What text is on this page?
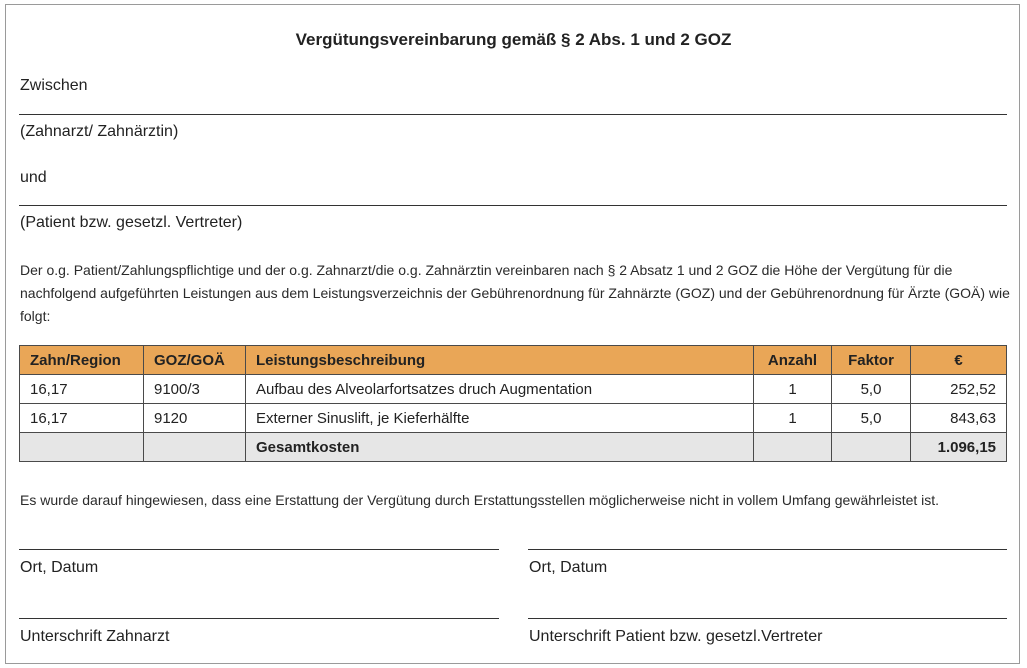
Vergütungsvereinbarung gemäß § 2 Abs. 1 und 2 GOZ
Zwischen
(Zahnarzt/ Zahnärztin)
und
(Patient bzw. gesetzl. Vertreter)
Der o.g. Patient/Zahlungspflichtige und der o.g. Zahnarzt/die o.g. Zahnärztin vereinbaren nach § 2 Absatz 1 und 2 GOZ die Höhe der Vergütung für die nachfolgend aufgeführten Leistungen aus dem Leistungsverzeichnis der Gebührenordnung für Zahnärzte (GOZ) und der Gebührenordnung für Ärzte (GOÄ) wie folgt:
Zahn/Region	GOZ/GOÄ	Leistungsbeschreibung	Anzahl	Faktor	€
16,17	9100/3	Aufbau des Alveolarfortsatzes druch Augmentation	1	5,0	252,52
16,17	9120	Externer Sinuslift, je Kieferhälfte	1	5,0	843,63
		Gesamtkosten			1.096,15
Es wurde darauf hingewiesen, dass eine Erstattung der Vergütung durch Erstattungsstellen möglicherweise nicht in vollem Umfang gewährleistet ist.
Ort, Datum	Ort, Datum
Unterschrift Zahnarzt	Unterschrift Patient bzw. gesetzl.Vertreter
